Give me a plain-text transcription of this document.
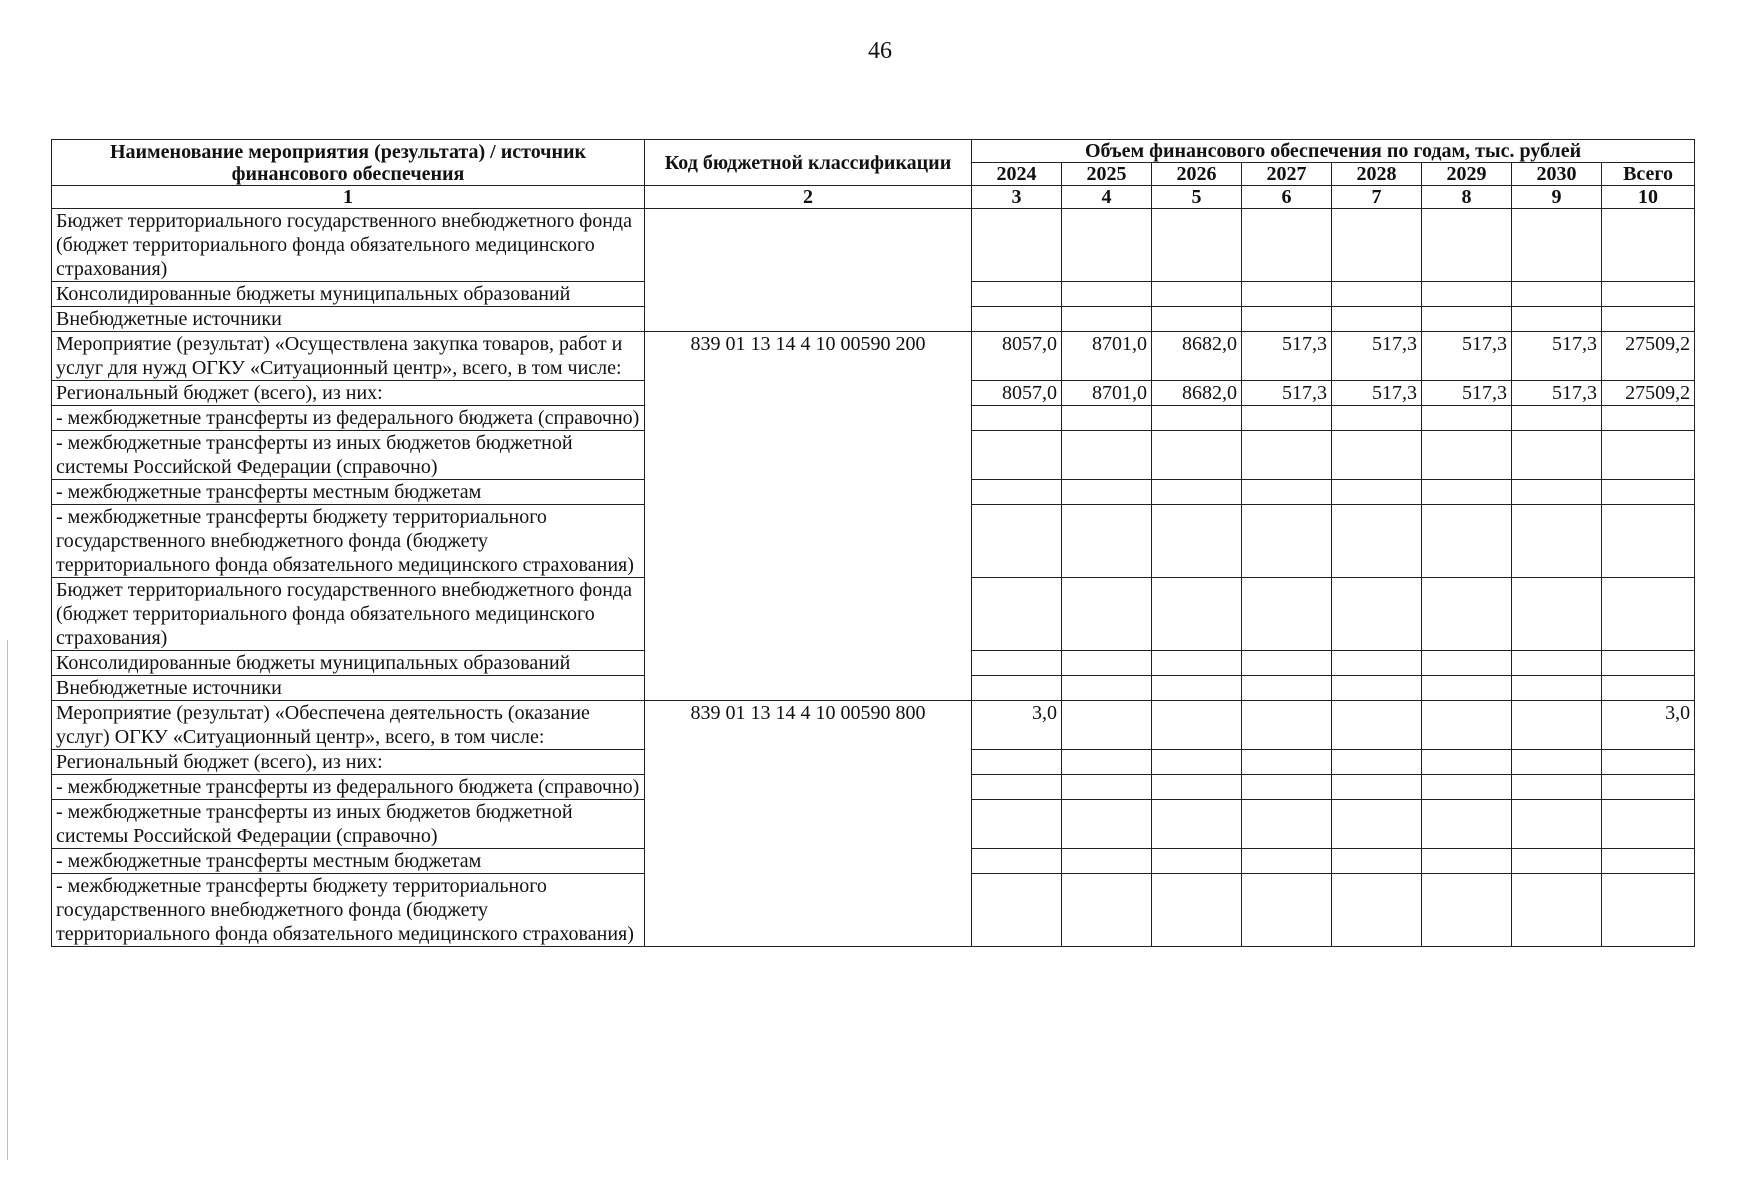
46
Наименование мероприятия (результата) / источник финансового обеспечения	Код бюджетной классификации	Объем финансового обеспечения по годам, тыс. рублей							
		2024	2025	2026	2027	2028	2029	2030	Всего
1	2	3	4	5	6	7	8	9	10
Бюджет территориального государственного внебюджетного фонда (бюджет территориального фонда обязательного медицинского страхования)									
Консолидированные бюджеты муниципальных образований									
Внебюджетные источники									
Мероприятие (результат) «Осуществлена закупка товаров, работ и услуг для нужд ОГКУ «Ситуационный центр», всего, в том числе:	839 01 13 14 4 10 00590 200	8057,0	8701,0	8682,0	517,3	517,3	517,3	517,3	27509,2
Региональный бюджет (всего), из них:		8057,0	8701,0	8682,0	517,3	517,3	517,3	517,3	27509,2
- межбюджетные трансферты из федерального бюджета (справочно)									
- межбюджетные трансферты из иных бюджетов бюджетной системы Российской Федерации (справочно)									
- межбюджетные трансферты местным бюджетам									
- межбюджетные трансферты бюджету территориального государственного внебюджетного фонда (бюджету территориального фонда обязательного медицинского страхования)									
Бюджет территориального государственного внебюджетного фонда (бюджет территориального фонда обязательного медицинского страхования)									
Консолидированные бюджеты муниципальных образований									
Внебюджетные источники									
Мероприятие (результат) «Обеспечена деятельность (оказание услуг) ОГКУ «Ситуационный центр», всего, в том числе:	839 01 13 14 4 10 00590 800	3,0							3,0
Региональный бюджет (всего), из них:									
- межбюджетные трансферты из федерального бюджета (справочно)									
- межбюджетные трансферты из иных бюджетов бюджетной системы Российской Федерации (справочно)									
- межбюджетные трансферты местным бюджетам									
- межбюджетные трансферты бюджету территориального государственного внебюджетного фонда (бюджету территориального фонда обязательного медицинского страхования)									
